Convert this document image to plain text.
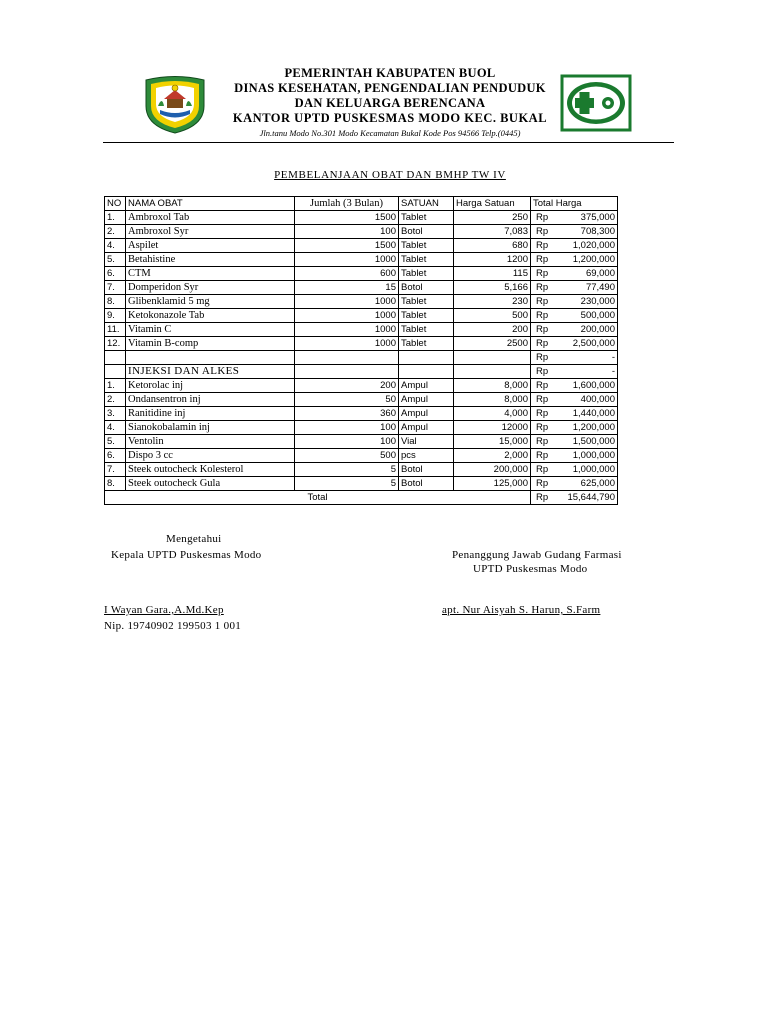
PEMERINTAH KABUPATEN BUOL
DINAS KESEHATAN, PENGENDALIAN PENDUDUK
DAN KELUARGA BERENCANA
KANTOR UPTD PUSKESMAS MODO KEC. BUKAL
Jln.tanu Modo No.301 Modo Kecamatan Bukal Kode Pos 94566 Telp.(0445)
PEMBELANJAAN OBAT DAN BMHP TW IV
NO	NAMA OBAT	Jumlah (3 Bulan)	SATUAN	Harga Satuan	Total Harga
1.	Ambroxol Tab	1500	Tablet	250	Rp 375,000

2.	Ambroxol Syr	100	Botol	7,083	Rp 708,300

4.	Aspilet	1500	Tablet	680	Rp 1,020,000

5.	Betahistine	1000	Tablet	1200	Rp 1,200,000

6.	CTM	600	Tablet	115	Rp 69,000

7.	Domperidon Syr	15	Botol	5,166	Rp 77,490

8.	Glibenklamid 5 mg	1000	Tablet	230	Rp 230,000

9.	Ketokonazole Tab	1000	Tablet	500	Rp 500,000

11.	Vitamin C	1000	Tablet	200	Rp 200,000

12.	Vitamin B-comp	1000	Tablet	2500	Rp 2,500,000

					Rp -

	INJEKSI DAN ALKES				Rp -

1.	Ketorolac inj	200	Ampul	8,000	Rp 1,600,000

2.	Ondansentron inj	50	Ampul	8,000	Rp 400,000

3.	Ranitidine inj	360	Ampul	4,000	Rp 1,440,000

4.	Sianokobalamin inj	100	Ampul	12000	Rp 1,200,000

5.	Ventolin	100	Vial	15,000	Rp 1,500,000

6.	Dispo 3 cc	500	pcs	2,000	Rp 1,000,000

7.	Steek outocheck Kolesterol	5	Botol	200,000	Rp 1,000,000

8.	Steek outocheck Gula	5	Botol	125,000	Rp 625,000

Total					Rp 15,644,790
Mengetahui
Kepala UPTD Puskesmas Modo
I Wayan Gara.,A.Md.Kep
Nip. 19740902 199503 1 001
Penanggung Jawab Gudang Farmasi
UPTD Puskesmas Modo
apt. Nur Aisyah S. Harun, S.Farm
